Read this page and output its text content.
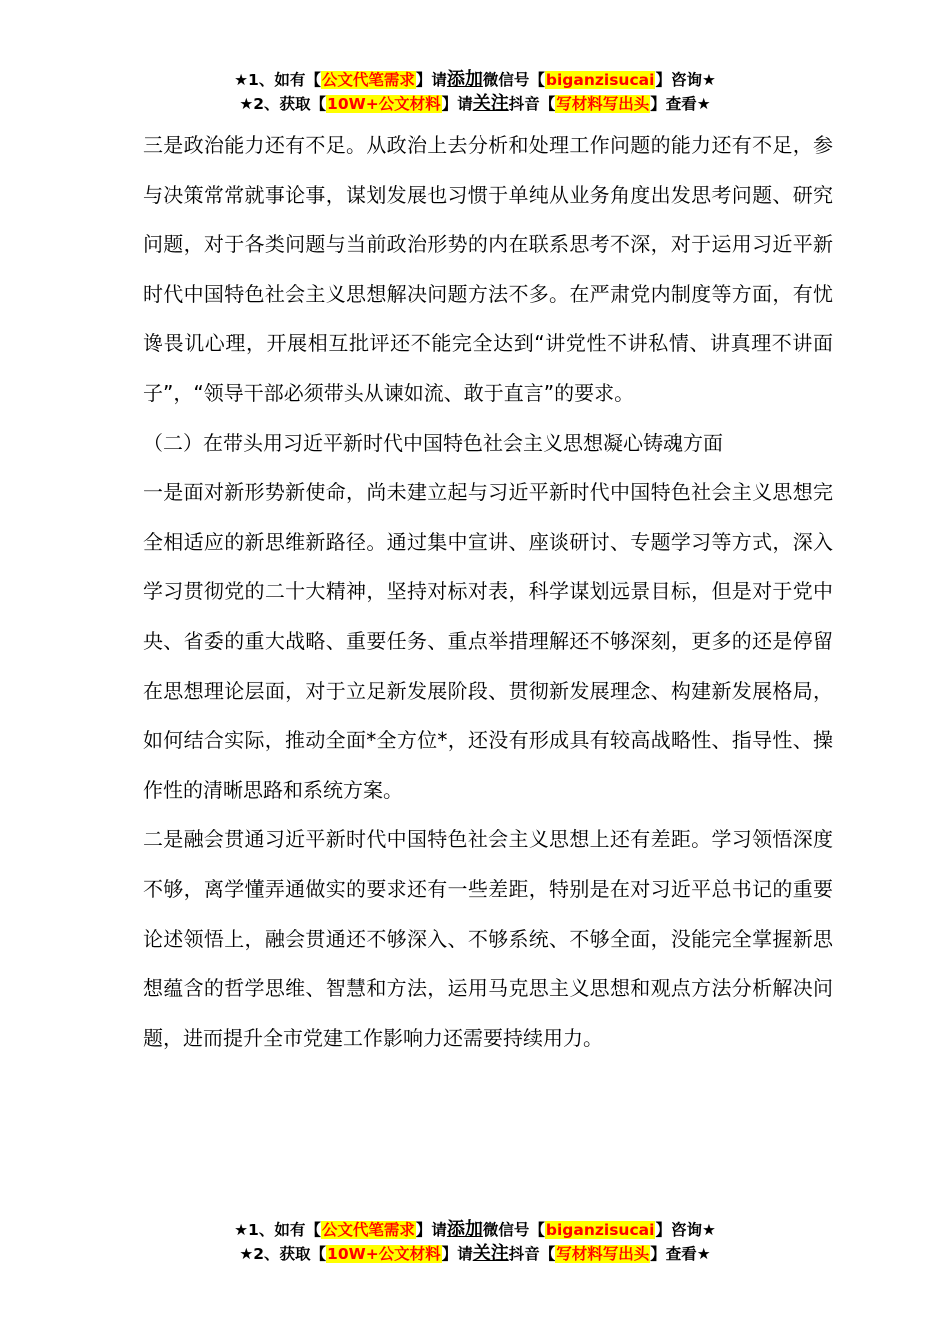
★1、如有【公文代笔需求】请添加微信号【biganzisucai】咨询★
★2、获取【10W+公文材料】请关注抖音【写材料写出头】查看★

三是政治能力还有不足。从政治上去分析和处理工作问题的能力还有不足，参与决策常常就事论事，谋划发展也习惯于单纯从业务角度出发思考问题、研究问题，对于各类问题与当前政治形势的内在联系思考不深，对于运用习近平新时代中国特色社会主义思想解决问题方法不多。在严肃党内制度等方面，有忧谗畏讥心理，开展相互批评还不能完全达到“讲党性不讲私情、讲真理不讲面子”，“领导干部必须带头从谏如流、敢于直言”的要求。

（二）在带头用习近平新时代中国特色社会主义思想凝心铸魂方面

一是面对新形势新使命，尚未建立起与习近平新时代中国特色社会主义思想完全相适应的新思维新路径。通过集中宣讲、座谈研讨、专题学习等方式，深入学习贯彻党的二十大精神，坚持对标对表，科学谋划远景目标，但是对于党中央、省委的重大战略、重要任务、重点举措理解还不够深刻，更多的还是停留在思想理论层面，对于立足新发展阶段、贯彻新发展理念、构建新发展格局，如何结合实际，推动全面*全方位*，还没有形成具有较高战略性、指导性、操作性的清晰思路和系统方案。

二是融会贯通习近平新时代中国特色社会主义思想上还有差距。学习领悟深度不够，离学懂弄通做实的要求还有一些差距，特别是在对习近平总书记的重要论述领悟上，融会贯通还不够深入、不够系统、不够全面，没能完全掌握新思想蕴含的哲学思维、智慧和方法，运用马克思主义思想和观点方法分析解决问题，进而提升全市党建工作影响力还需要持续用力。

★1、如有【公文代笔需求】请添加微信号【biganzisucai】咨询★
★2、获取【10W+公文材料】请关注抖音【写材料写出头】查看★
